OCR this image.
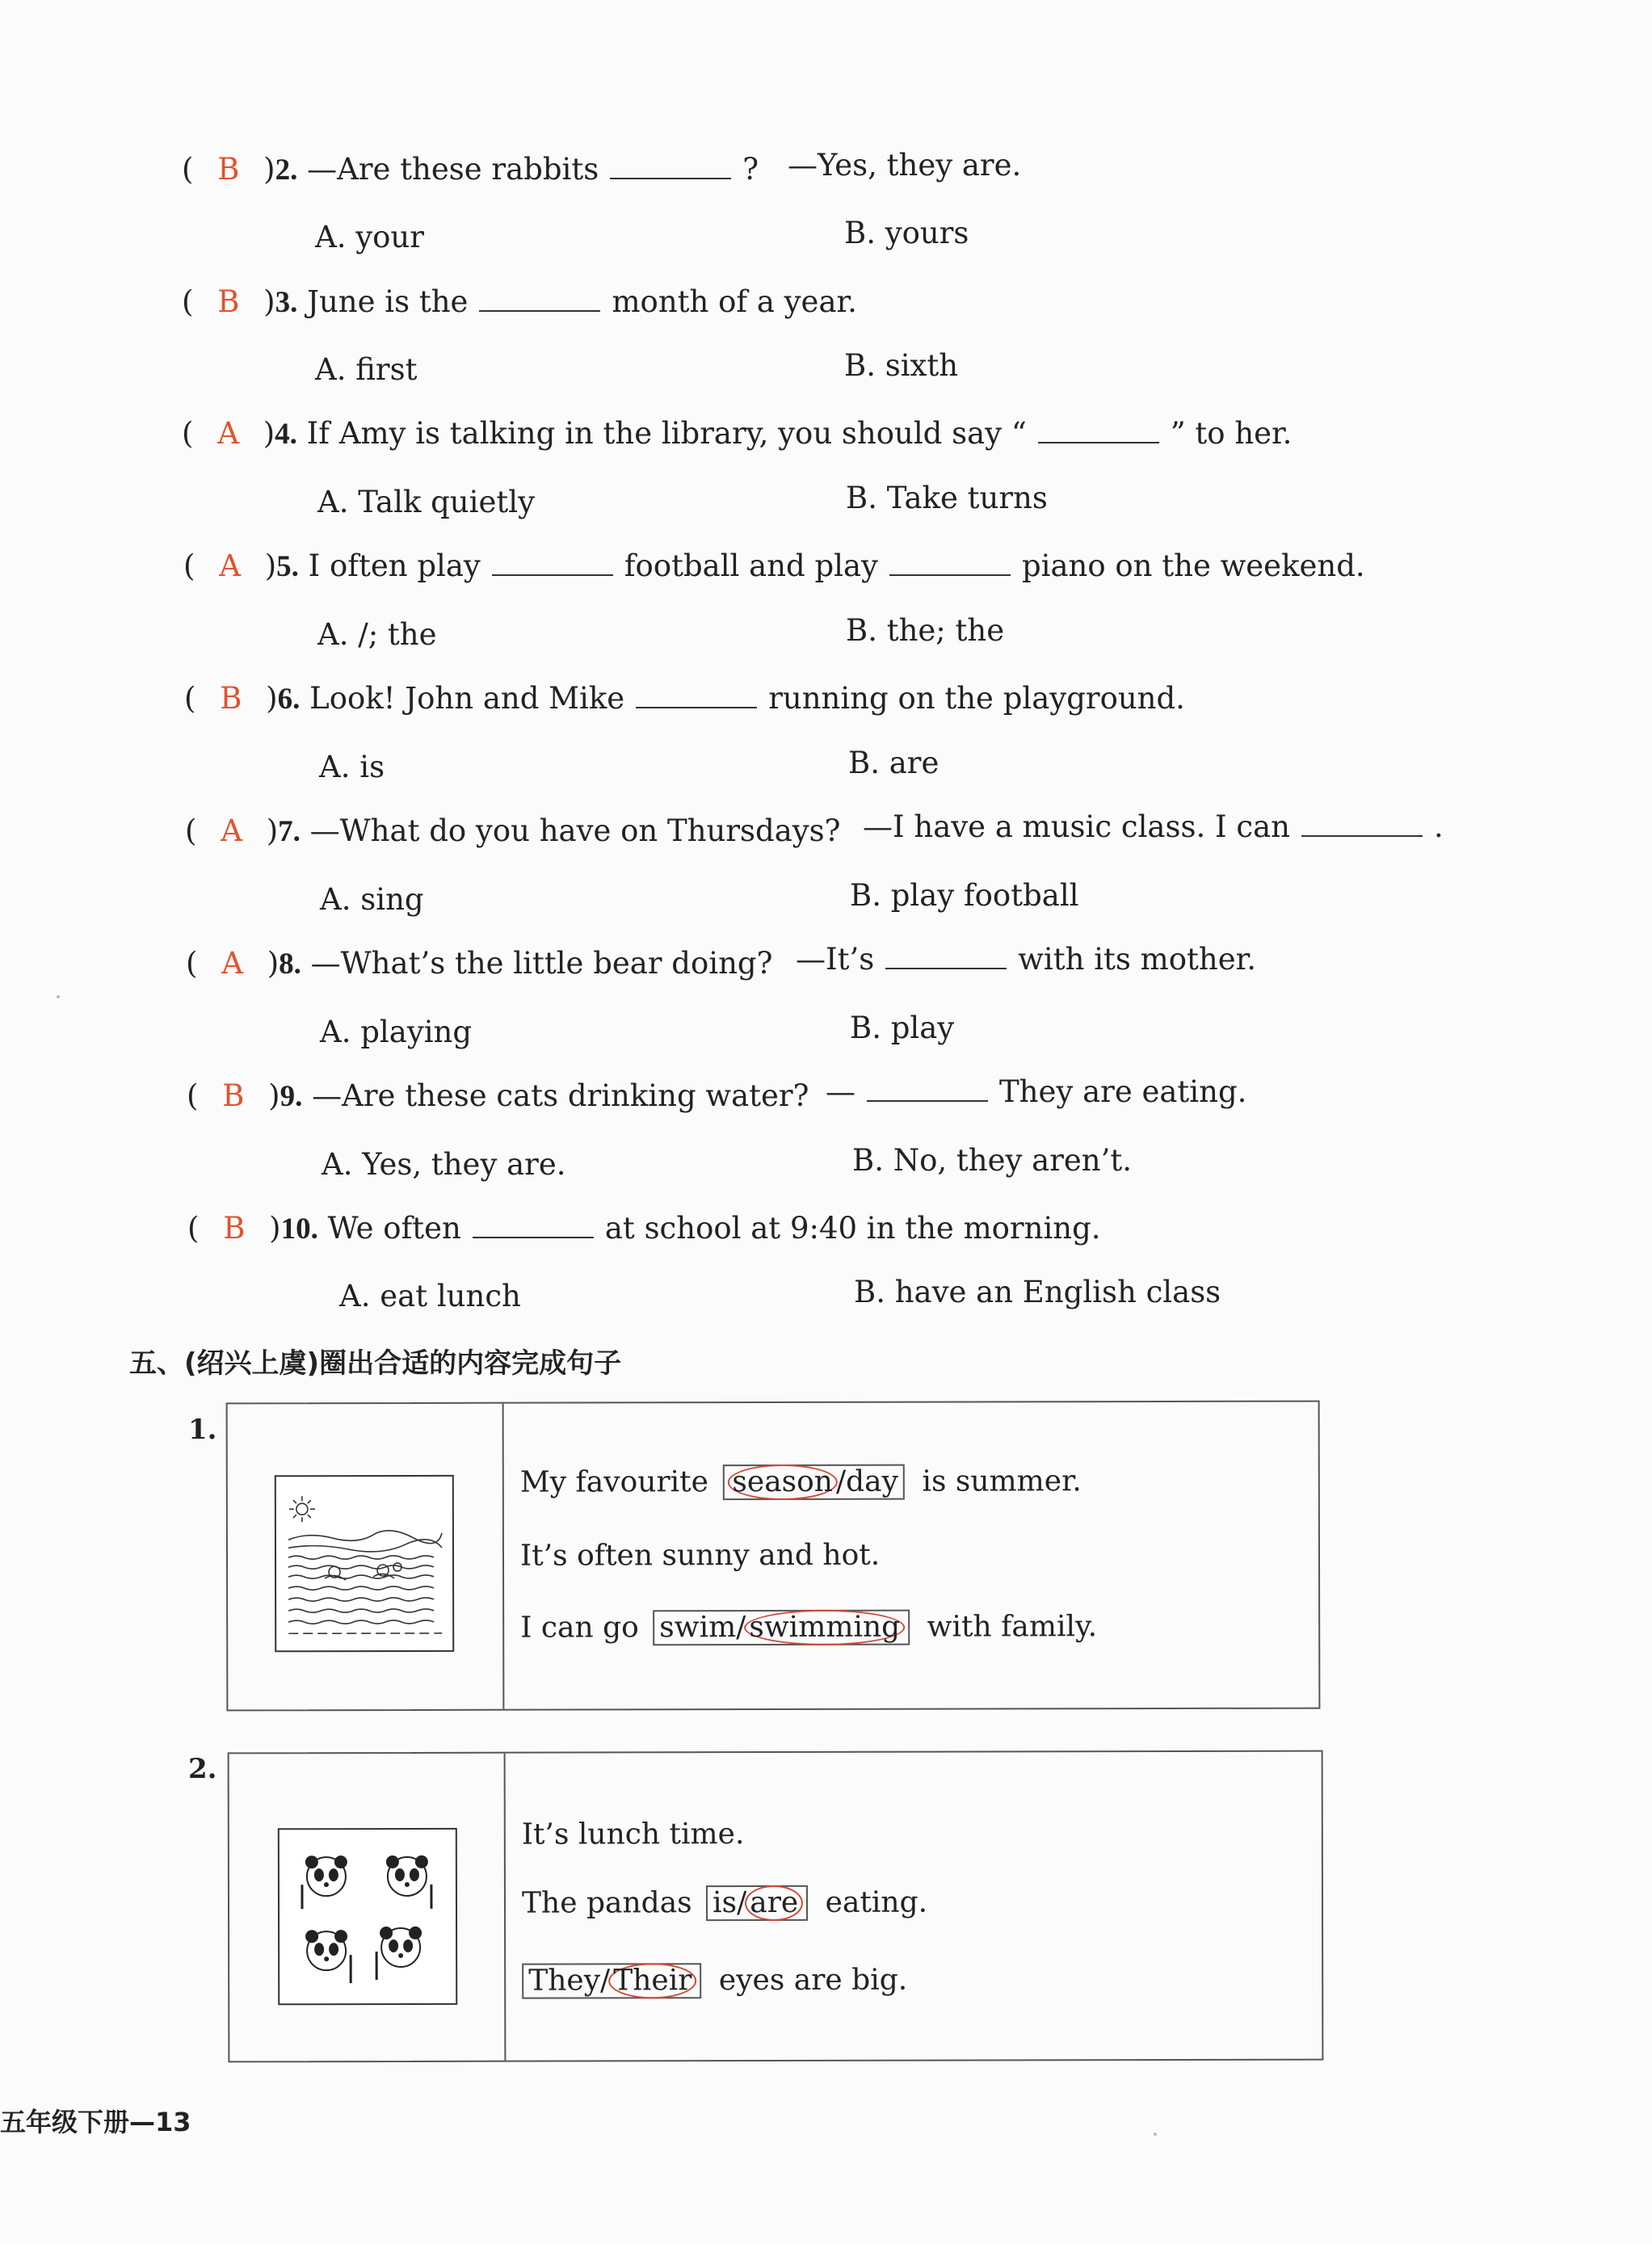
( B )2. —Are these rabbits	? —Yes, they are.
A. your	B. yours
( B )3. June is the	month of a year.
A. first	B. sixth
( A )4. If Amy is talking in the library, you should say “	” to her.
A. Talk quietly	B. Take turns
( A )5. I often play	football and play	piano on the weekend.
A. /; the	B. the; the
( B )6. Look! John and Mike	running on the playground.
A. is	B. are
( A )7. —What do you have on Thursdays? —I have a music class. I can	.
A. sing	B. play football
( A )8. —What’s the little bear doing? —It’s	with its mother.
A. playing	B. play
( B )9. —Are these cats drinking water? —	They are eating.
A. Yes, they are.	B. No, they aren’t.
( B )10. We often	at school at 9:40 in the morning.
A. eat lunch	B. have an English class
五、(绍兴上虞)圈出合适的内容完成句子
1.
My favourite season /day is summer.
It’s often sunny and hot.
I can go swim/ swimming with family.
2.
It’s lunch time.
The pandas is/ are eating.
They/ Their eyes are big.
五年级下册—13
